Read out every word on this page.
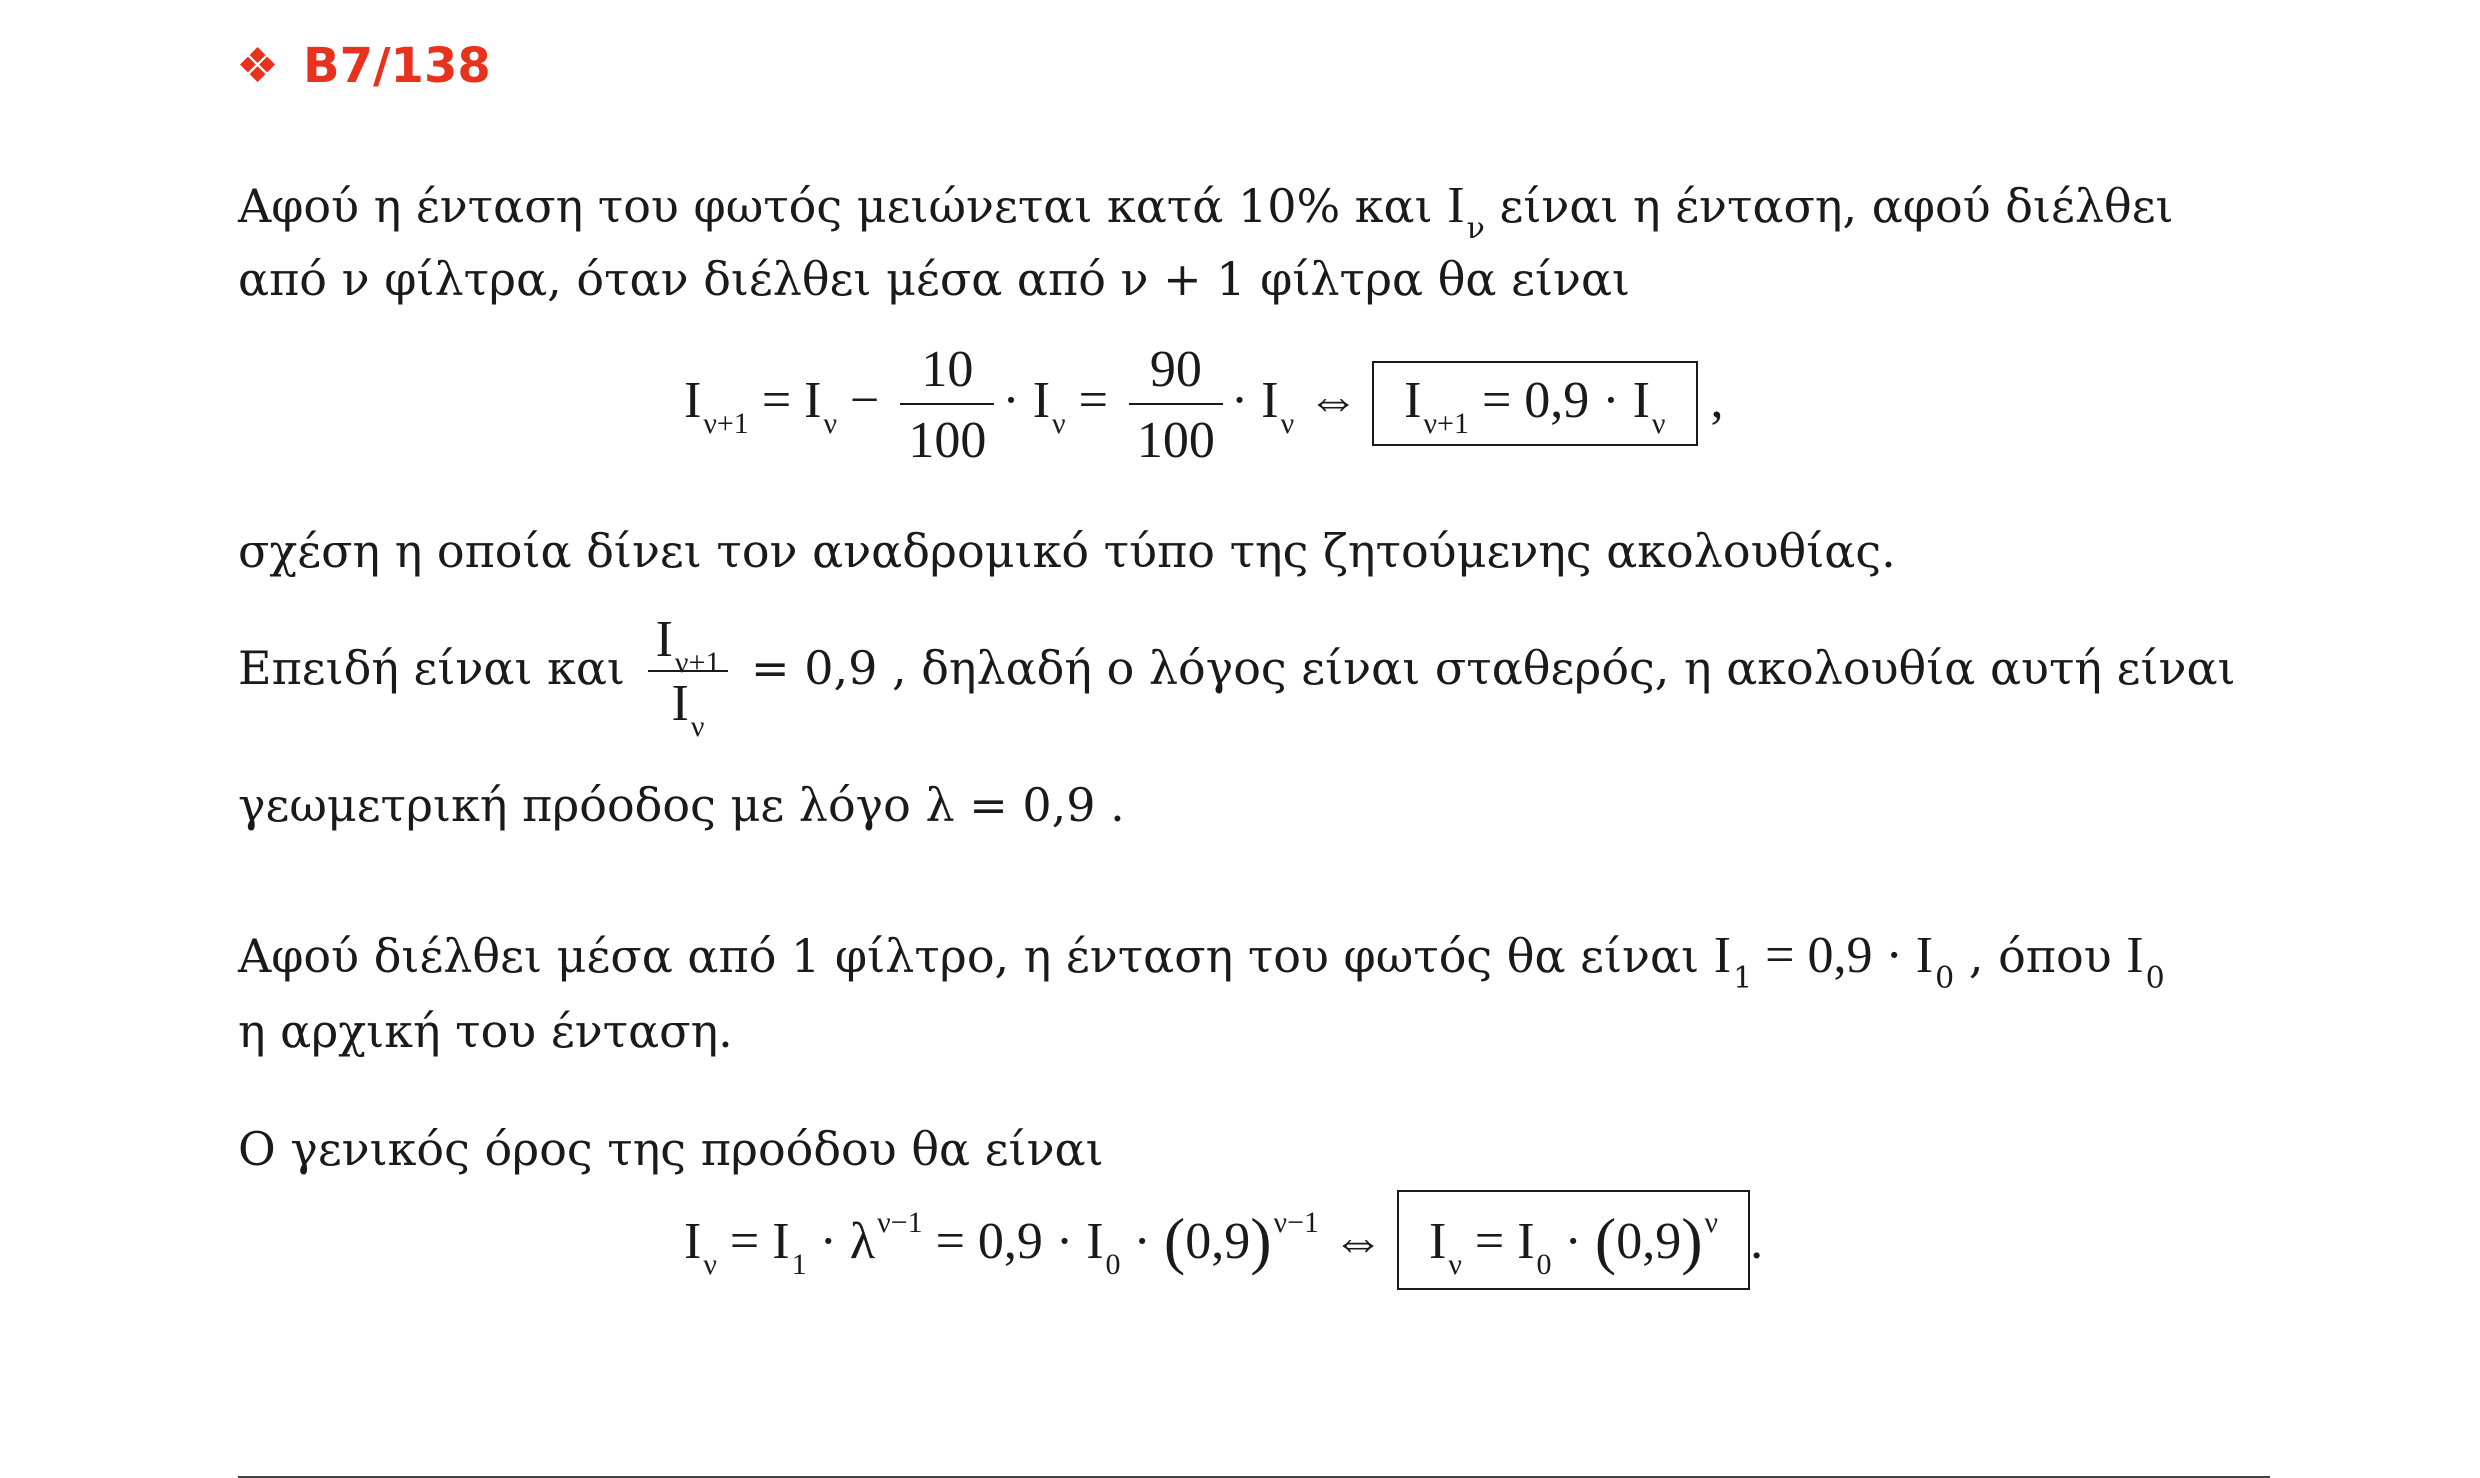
❖ B7/138
Αφού η ένταση του φωτός μειώνεται κατά 10% και $I_\nu$ είναι η ένταση, αφού διέλθει
από ν φίλτρα, όταν διέλθει μέσα από ν + 1 φίλτρα θα είναι
$I_{\nu+1} = I_\nu - \frac{10}{100} \cdot I_\nu = \frac{90}{100} \cdot I_\nu$ ⇔ $I_{\nu+1} = 0,9 \cdot I_\nu$ ,
σχέση η οποία δίνει τον αναδρομικό τύπο της ζητούμενης ακολουθίας.
Επειδή είναι και $\frac{I_{\nu+1}}{I_\nu} = 0,9$ , δηλαδή ο λόγος είναι σταθερός, η ακολουθία αυτή είναι
γεωμετρική πρόοδος με λόγο λ = 0,9 .
Αφού διέλθει μέσα από 1 φίλτρο, η ένταση του φωτός θα είναι $I_1 = 0,9 \cdot I_0$ , όπου $I_0$
η αρχική του ένταση.
Ο γενικός όρος της προόδου θα είναι
$I_\nu = I_1 \cdot \lambda^{\nu-1} = 0,9 \cdot I_0 \cdot (0,9)^{\nu-1}$ ⇔ $I_\nu = I_0 \cdot (0,9)^\nu$ .
